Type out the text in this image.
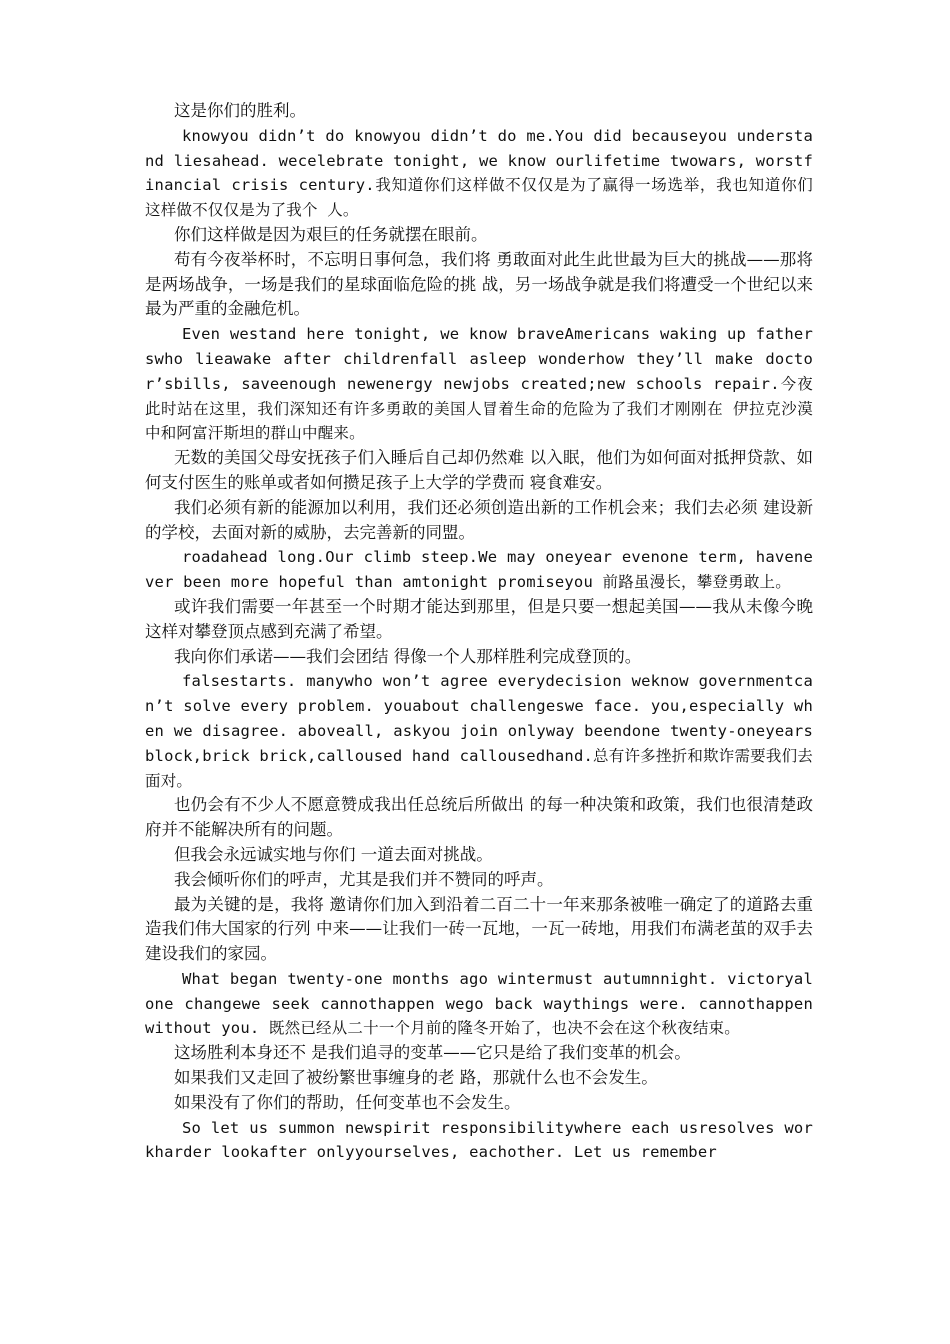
这是你们的胜利。

knowyou didn’t do knowyou didn’t do me.You did becauseyou understand liesahead. wecelebrate tonight, we know ourlifetime twowars, worstfinancial crisis century.我知道你们这样做不仅仅是为了赢得一场选举，我也知道你们这样做不仅仅是为了我个 人。

你们这样做是因为艰巨的任务就摆在眼前。

苟有今夜举杯时，不忘明日事何急，我们将 勇敢面对此生此世最为巨大的挑战——那将是两场战争，一场是我们的星球面临危险的挑 战，另一场战争就是我们将遭受一个世纪以来最为严重的金融危机。

Even westand here tonight, we know braveAmericans waking up fatherswho lieawake after childrenfall asleep wonderhow they’ll make doctor’sbills, saveenough newenergy newjobs created;new schools repair.今夜此时站在这里，我们深知还有许多勇敢的美国人冒着生命的危险为了我们才刚刚在 伊拉克沙漠中和阿富汗斯坦的群山中醒来。

无数的美国父母安抚孩子们入睡后自己却仍然难 以入眠，他们为如何面对抵押贷款、如何支付医生的账单或者如何攒足孩子上大学的学费而 寝食难安。

我们必须有新的能源加以利用，我们还必须创造出新的工作机会来；我们去必须 建设新的学校，去面对新的威胁，去完善新的同盟。

roadahead long.Our climb steep.We may oneyear evenone term, havenever been more hopeful than amtonight promiseyou 前路虽漫长，攀登勇敢上。

或许我们需要一年甚至一个时期才能达到那里，但是只要一想起美国——我从未像今晚这样对攀登顶点感到充满了希望。

我向你们承诺——我们会团结 得像一个人那样胜利完成登顶的。

falsestarts. manywho won’t agree everydecision weknow governmentcan’t solve every problem. youabout challengeswe face. you,especially when we disagree. aboveall, askyou join onlyway beendone twenty-oneyears block,brick brick,calloused hand callousedhand.总有许多挫折和欺诈需要我们去面对。

也仍会有不少人不愿意赞成我出任总统后所做出 的每一种决策和政策，我们也很清楚政府并不能解决所有的问题。

但我会永远诚实地与你们 一道去面对挑战。

我会倾听你们的呼声，尤其是我们并不赞同的呼声。

最为关键的是，我将 邀请你们加入到沿着二百二十一年来那条被唯一确定了的道路去重造我们伟大国家的行列 中来——让我们一砖一瓦地，一瓦一砖地，用我们布满老茧的双手去建设我们的家园。

What began twenty-one months ago wintermust autumnnight. victoryalone changewe seek cannothappen wego back waythings were. cannothappen without you. 既然已经从二十一个月前的隆冬开始了，也决不会在这个秋夜结束。

这场胜利本身还不 是我们追寻的变革——它只是给了我们变革的机会。

如果我们又走回了被纷繁世事缠身的老 路，那就什么也不会发生。

如果没有了你们的帮助，任何变革也不会发生。

So let us summon newspirit responsibilitywhere each usresolves workharder lookafter onlyyourselves, eachother. Let us remember
